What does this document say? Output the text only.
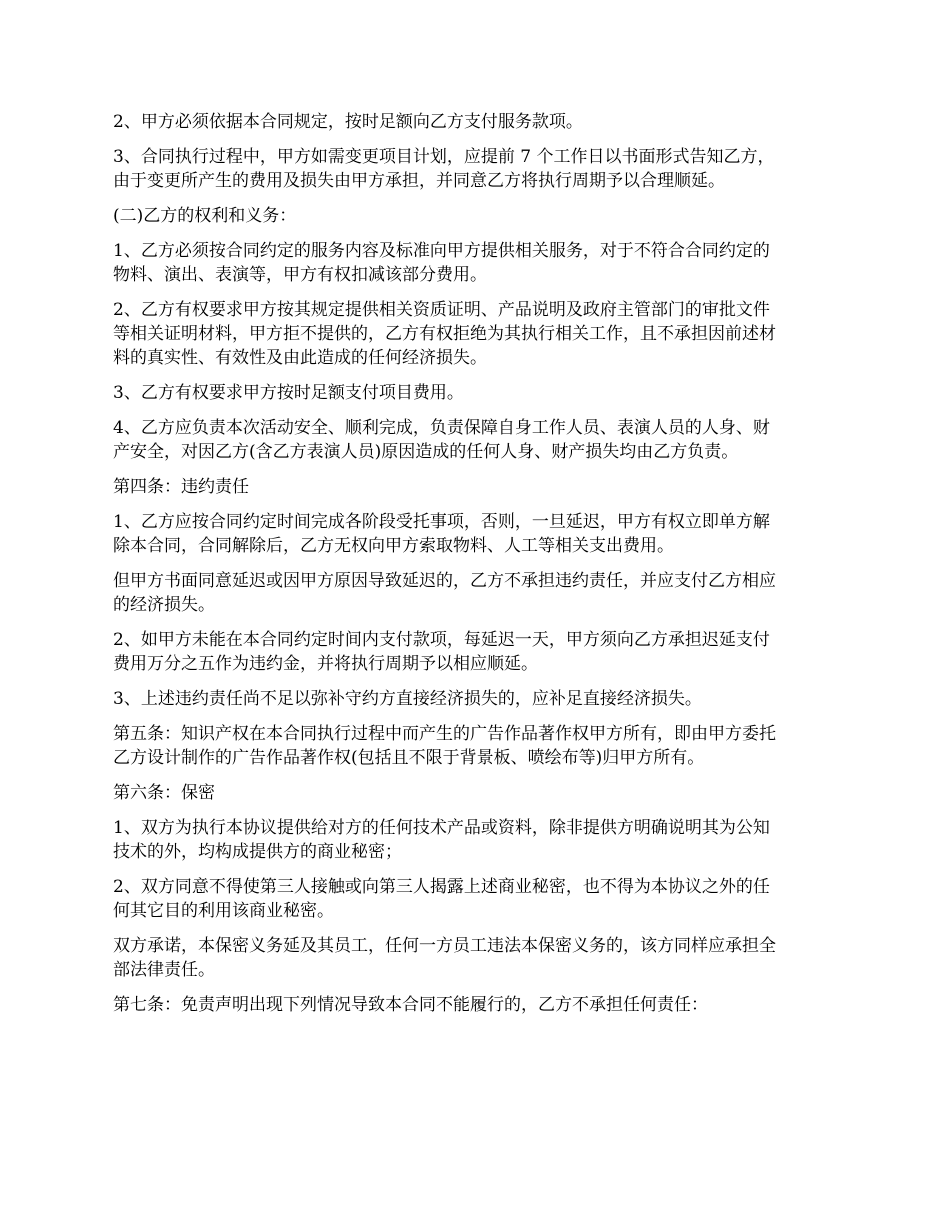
2、甲方必须依据本合同规定，按时足额向乙方支付服务款项。

3、合同执行过程中，甲方如需变更项目计划，应提前 7 个工作日以书面形式告知乙方，
由于变更所产生的费用及损失由甲方承担，并同意乙方将执行周期予以合理顺延。

(二)乙方的权利和义务：

1、乙方必须按合同约定的服务内容及标准向甲方提供相关服务，对于不符合合同约定的
物料、演出、表演等，甲方有权扣减该部分费用。

2、乙方有权要求甲方按其规定提供相关资质证明、产品说明及政府主管部门的审批文件
等相关证明材料，甲方拒不提供的，乙方有权拒绝为其执行相关工作，且不承担因前述材
料的真实性、有效性及由此造成的任何经济损失。

3、乙方有权要求甲方按时足额支付项目费用。

4、乙方应负责本次活动安全、顺利完成，负责保障自身工作人员、表演人员的人身、财
产安全，对因乙方(含乙方表演人员)原因造成的任何人身、财产损失均由乙方负责。

第四条：违约责任

1、乙方应按合同约定时间完成各阶段受托事项，否则，一旦延迟，甲方有权立即单方解
除本合同，合同解除后，乙方无权向甲方索取物料、人工等相关支出费用。

但甲方书面同意延迟或因甲方原因导致延迟的，乙方不承担违约责任，并应支付乙方相应
的经济损失。

2、如甲方未能在本合同约定时间内支付款项，每延迟一天，甲方须向乙方承担迟延支付
费用万分之五作为违约金，并将执行周期予以相应顺延。

3、上述违约责任尚不足以弥补守约方直接经济损失的，应补足直接经济损失。

第五条：知识产权在本合同执行过程中而产生的广告作品著作权甲方所有，即由甲方委托
乙方设计制作的广告作品著作权(包括且不限于背景板、喷绘布等)归甲方所有。

第六条：保密

1、双方为执行本协议提供给对方的任何技术产品或资料，除非提供方明确说明其为公知
技术的外，均构成提供方的商业秘密；

2、双方同意不得使第三人接触或向第三人揭露上述商业秘密，也不得为本协议之外的任
何其它目的利用该商业秘密。

双方承诺，本保密义务延及其员工，任何一方员工违法本保密义务的，该方同样应承担全
部法律责任。

第七条：免责声明出现下列情况导致本合同不能履行的，乙方不承担任何责任：
